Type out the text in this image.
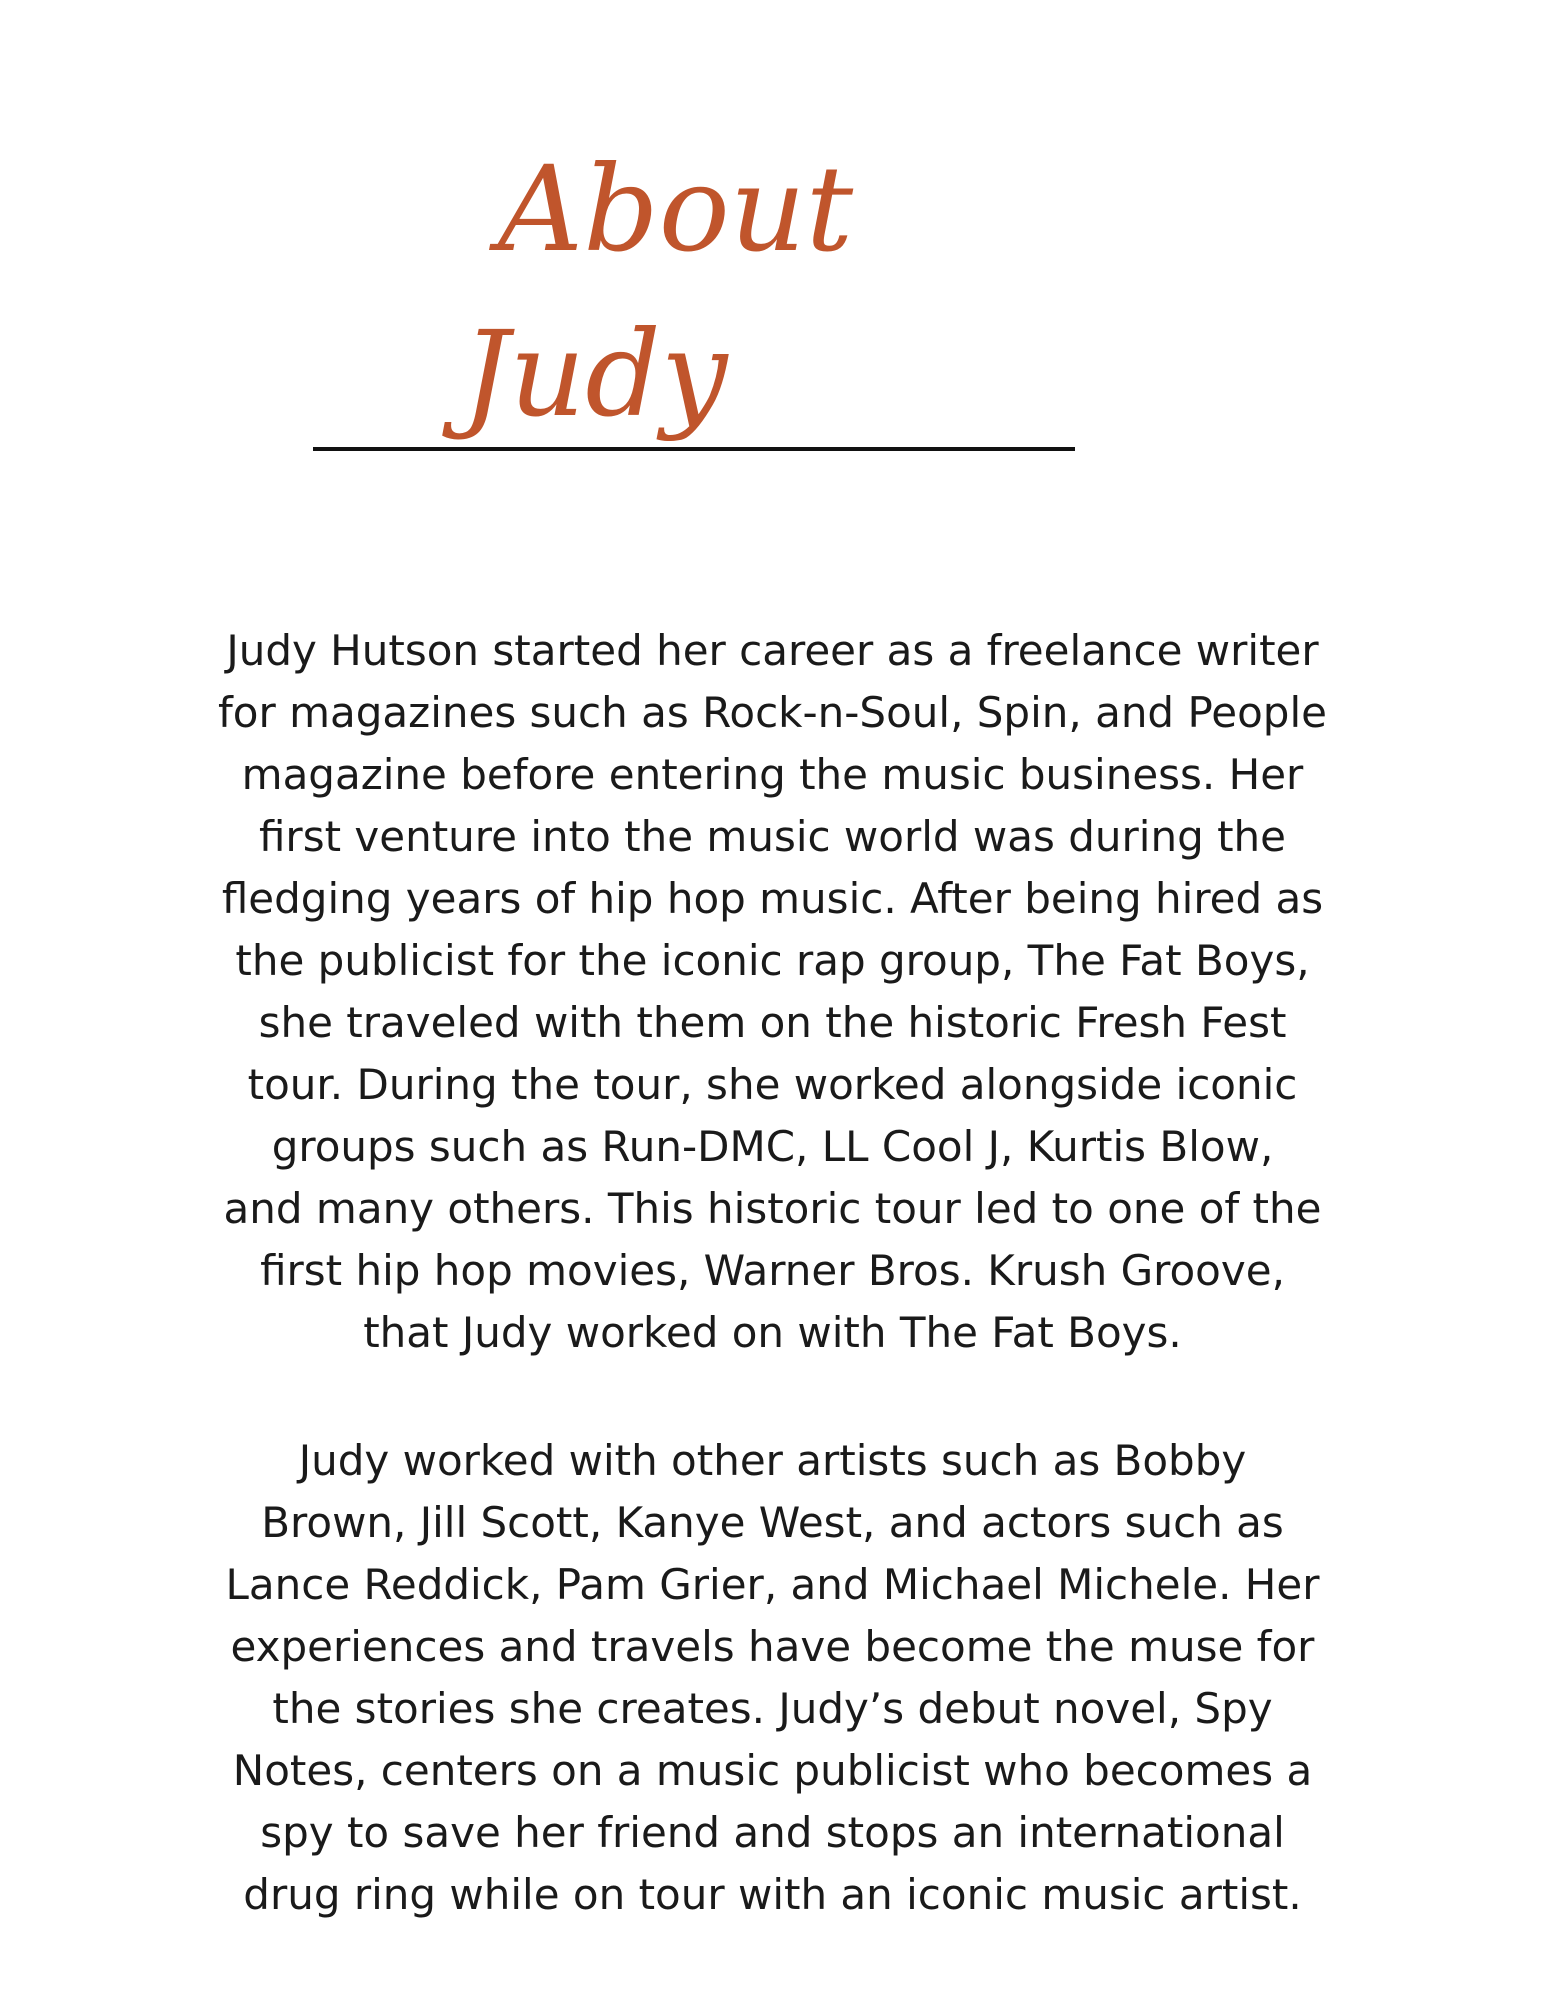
About
Judy

Judy Hutson started her career as a freelance writer
for magazines such as Rock-n-Soul, Spin, and People
magazine before entering the music business. Her
first venture into the music world was during the
fledging years of hip hop music. After being hired as
the publicist for the iconic rap group, The Fat Boys,
she traveled with them on the historic Fresh Fest
tour. During the tour, she worked alongside iconic
groups such as Run-DMC, LL Cool J, Kurtis Blow,
and many others. This historic tour led to one of the
first hip hop movies, Warner Bros. Krush Groove,
that Judy worked on with The Fat Boys.

Judy worked with other artists such as Bobby
Brown, Jill Scott, Kanye West, and actors such as
Lance Reddick, Pam Grier, and Michael Michele. Her
experiences and travels have become the muse for
the stories she creates. Judy’s debut novel, Spy
Notes, centers on a music publicist who becomes a
spy to save her friend and stops an international
drug ring while on tour with an iconic music artist.
